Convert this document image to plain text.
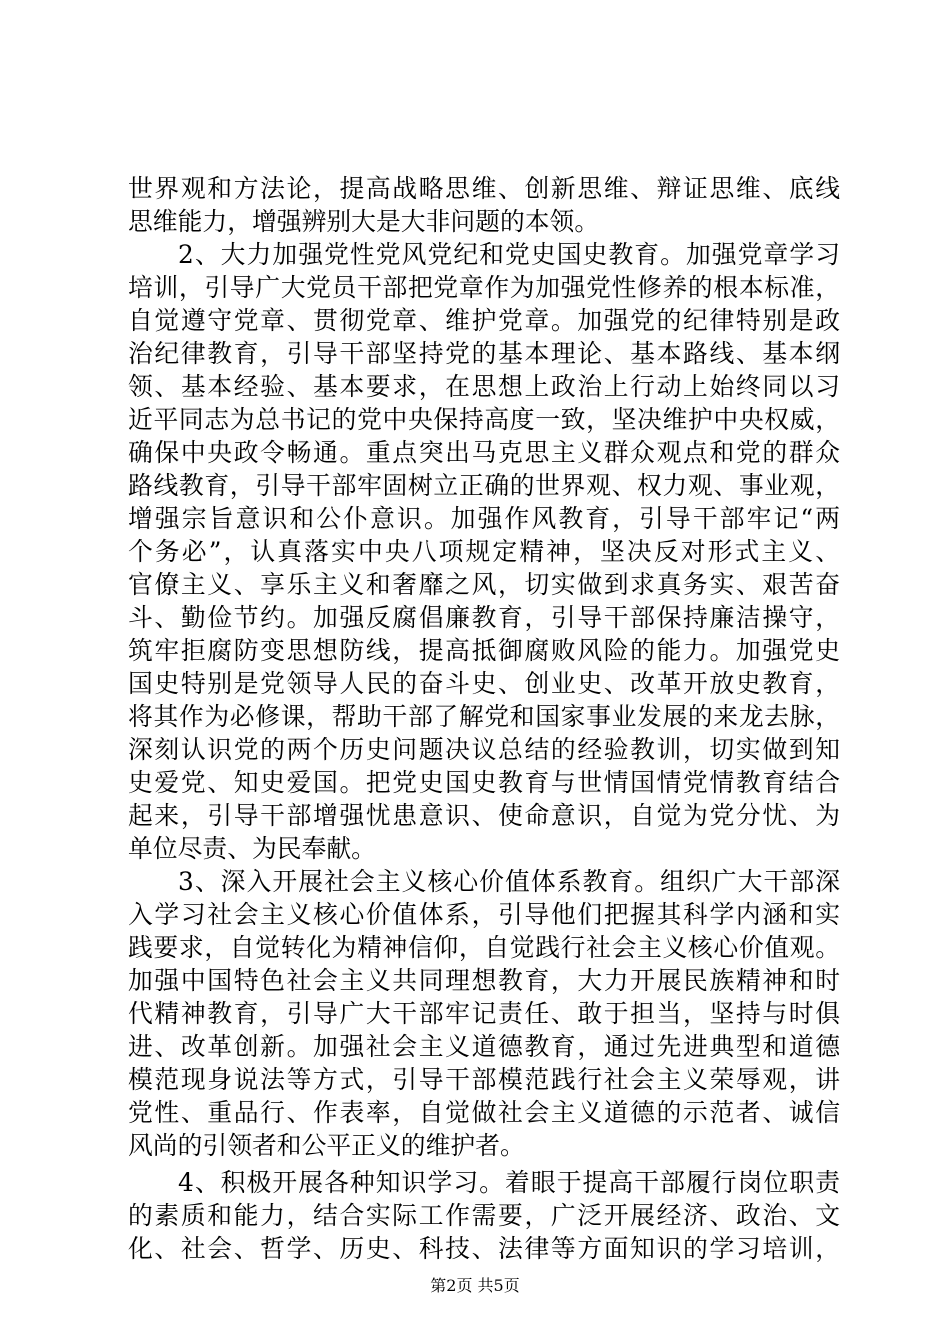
世界观和方法论，提高战略思维、创新思维、辩证思维、底线
思维能力，增强辨别大是大非问题的本领。
2、大力加强党性党风党纪和党史国史教育。加强党章学习
培训，引导广大党员干部把党章作为加强党性修养的根本标准，
自觉遵守党章、贯彻党章、维护党章。加强党的纪律特别是政
治纪律教育，引导干部坚持党的基本理论、基本路线、基本纲
领、基本经验、基本要求，在思想上政治上行动上始终同以习
近平同志为总书记的党中央保持高度一致，坚决维护中央权威，
确保中央政令畅通。重点突出马克思主义群众观点和党的群众
路线教育，引导干部牢固树立正确的世界观、权力观、事业观，
增强宗旨意识和公仆意识。加强作风教育，引导干部牢记“两
个务必”，认真落实中央八项规定精神，坚决反对形式主义、
官僚主义、享乐主义和奢靡之风，切实做到求真务实、艰苦奋
斗、勤俭节约。加强反腐倡廉教育，引导干部保持廉洁操守，
筑牢拒腐防变思想防线，提高抵御腐败风险的能力。加强党史
国史特别是党领导人民的奋斗史、创业史、改革开放史教育，
将其作为必修课，帮助干部了解党和国家事业发展的来龙去脉，
深刻认识党的两个历史问题决议总结的经验教训，切实做到知
史爱党、知史爱国。把党史国史教育与世情国情党情教育结合
起来，引导干部增强忧患意识、使命意识，自觉为党分忧、为
单位尽责、为民奉献。
3、深入开展社会主义核心价值体系教育。组织广大干部深
入学习社会主义核心价值体系，引导他们把握其科学内涵和实
践要求，自觉转化为精神信仰，自觉践行社会主义核心价值观。
加强中国特色社会主义共同理想教育，大力开展民族精神和时
代精神教育，引导广大干部牢记责任、敢于担当，坚持与时俱
进、改革创新。加强社会主义道德教育，通过先进典型和道德
模范现身说法等方式，引导干部模范践行社会主义荣辱观，讲
党性、重品行、作表率，自觉做社会主义道德的示范者、诚信
风尚的引领者和公平正义的维护者。
4、积极开展各种知识学习。着眼于提高干部履行岗位职责
的素质和能力，结合实际工作需要，广泛开展经济、政治、文
化、社会、哲学、历史、科技、法律等方面知识的学习培训，
第2页 共5页
